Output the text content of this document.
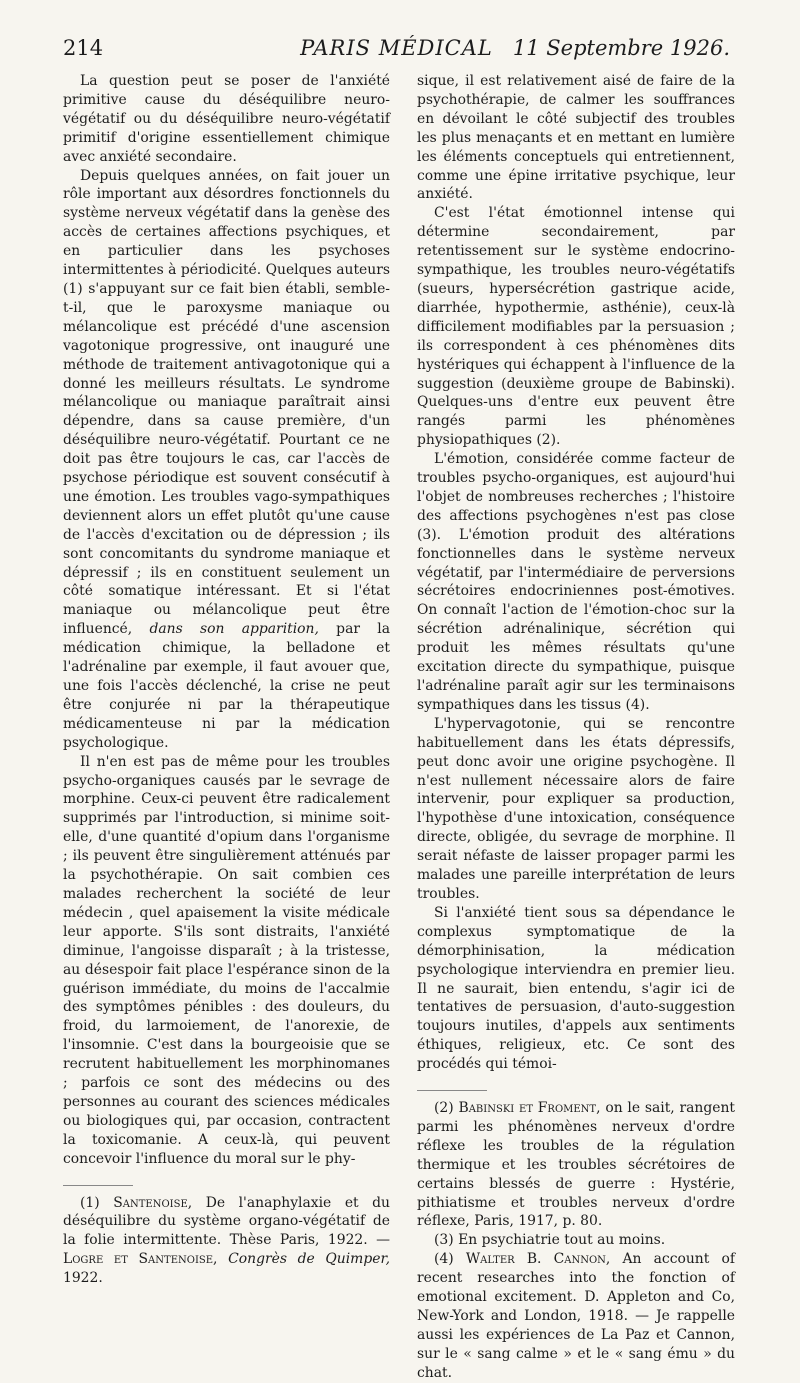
214	PARIS MÉDICAL 11 Septembre 1926.

La question peut se poser de l'anxiété primitive cause du déséquilibre neuro-végétatif ou du déséquilibre neuro-végétatif primitif d'origine essentiellement chimique avec anxiété secondaire.

Depuis quelques années, on fait jouer un rôle important aux désordres fonctionnels du système nerveux végétatif dans la genèse des accès de certaines affections psychiques, et en particulier dans les psychoses intermittentes à périodicité. Quelques auteurs (1) s'appuyant sur ce fait bien établi, semble-t-il, que le paroxysme maniaque ou mélancolique est précédé d'une ascension vagotonique progressive, ont inauguré une méthode de traitement antivagotonique qui a donné les meilleurs résultats. Le syndrome mélancolique ou maniaque paraîtrait ainsi dépendre, dans sa cause première, d'un déséquilibre neuro-végétatif. Pourtant ce ne doit pas être toujours le cas, car l'accès de psychose périodique est souvent consécutif à une émotion. Les troubles vago-sympathiques deviennent alors un effet plutôt qu'une cause de l'accès d'excitation ou de dépression ; ils sont concomitants du syndrome maniaque et dépressif ; ils en constituent seulement un côté somatique intéressant. Et si l'état maniaque ou mélancolique peut être influencé, dans son apparition, par la médication chimique, la belladone et l'adrénaline par exemple, il faut avouer que, une fois l'accès déclenché, la crise ne peut être conjurée ni par la thérapeutique médicamenteuse ni par la médication psychologique.

Il n'en est pas de même pour les troubles psycho-organiques causés par le sevrage de morphine. Ceux-ci peuvent être radicalement supprimés par l'introduction, si minime soit-elle, d'une quantité d'opium dans l'organisme ; ils peuvent être singulièrement atténués par la psychothérapie. On sait combien ces malades recherchent la société de leur médecin , quel apaisement la visite médicale leur apporte. S'ils sont distraits, l'anxiété diminue, l'angoisse disparaît ; à la tristesse, au désespoir fait place l'espérance sinon de la guérison immédiate, du moins de l'accalmie des symptômes pénibles : des douleurs, du froid, du larmoiement, de l'anorexie, de l'insomnie. C'est dans la bourgeoisie que se recrutent habituellement les morphinomanes ; parfois ce sont des médecins ou des personnes au courant des sciences médicales ou biologiques qui, par occasion, contractent la toxicomanie. A ceux-là, qui peuvent concevoir l'influence du moral sur le phy-

(1) Santenoise, De l'anaphylaxie et du déséquilibre du système organo-végétatif de la folie intermittente. Thèse Paris, 1922. — Logre et Santenoise, Congrès de Quimper, 1922.

sique, il est relativement aisé de faire de la psychothérapie, de calmer les souffrances en dévoilant le côté subjectif des troubles les plus menaçants et en mettant en lumière les éléments conceptuels qui entretiennent, comme une épine irritative psychique, leur anxiété.

C'est l'état émotionnel intense qui détermine secondairement, par retentissement sur le système endocrino-sympathique, les troubles neuro-végétatifs (sueurs, hypersécrétion gastrique acide, diarrhée, hypothermie, asthénie), ceux-là difficilement modifiables par la persuasion ; ils correspondent à ces phénomènes dits hystériques qui échappent à l'influence de la suggestion (deuxième groupe de Babinski). Quelques-uns d'entre eux peuvent être rangés parmi les phénomènes physiopathiques (2).

L'émotion, considérée comme facteur de troubles psycho-organiques, est aujourd'hui l'objet de nombreuses recherches ; l'histoire des affections psychogènes n'est pas close (3). L'émotion produit des altérations fonctionnelles dans le système nerveux végétatif, par l'intermédiaire de perversions sécrétoires endocriniennes post-émotives. On connaît l'action de l'émotion-choc sur la sécrétion adrénalinique, sécrétion qui produit les mêmes résultats qu'une excitation directe du sympathique, puisque l'adrénaline paraît agir sur les terminaisons sympathiques dans les tissus (4).

L'hypervagotonie, qui se rencontre habituellement dans les états dépressifs, peut donc avoir une origine psychogène. Il n'est nullement nécessaire alors de faire intervenir, pour expliquer sa production, l'hypothèse d'une intoxication, conséquence directe, obligée, du sevrage de morphine. Il serait néfaste de laisser propager parmi les malades une pareille interprétation de leurs troubles.

Si l'anxiété tient sous sa dépendance le complexus symptomatique de la démorphinisation, la médication psychologique interviendra en premier lieu. Il ne saurait, bien entendu, s'agir ici de tentatives de persuasion, d'auto-suggestion toujours inutiles, d'appels aux sentiments éthiques, religieux, etc. Ce sont des procédés qui témoi-

(2) Babinski et Froment, on le sait, rangent parmi les phénomènes nerveux d'ordre réflexe les troubles de la régulation thermique et les troubles sécrétoires de certains blessés de guerre : Hystérie, pithiatisme et troubles nerveux d'ordre réflexe, Paris, 1917, p. 80.

(3) En psychiatrie tout au moins.

(4) Walter B. Cannon, An account of recent researches into the fonction of emotional excitement. D. Appleton and Co, New-York and London, 1918. — Je rappelle aussi les expériences de La Paz et Cannon, sur le « sang calme » et le « sang ému » du chat.
